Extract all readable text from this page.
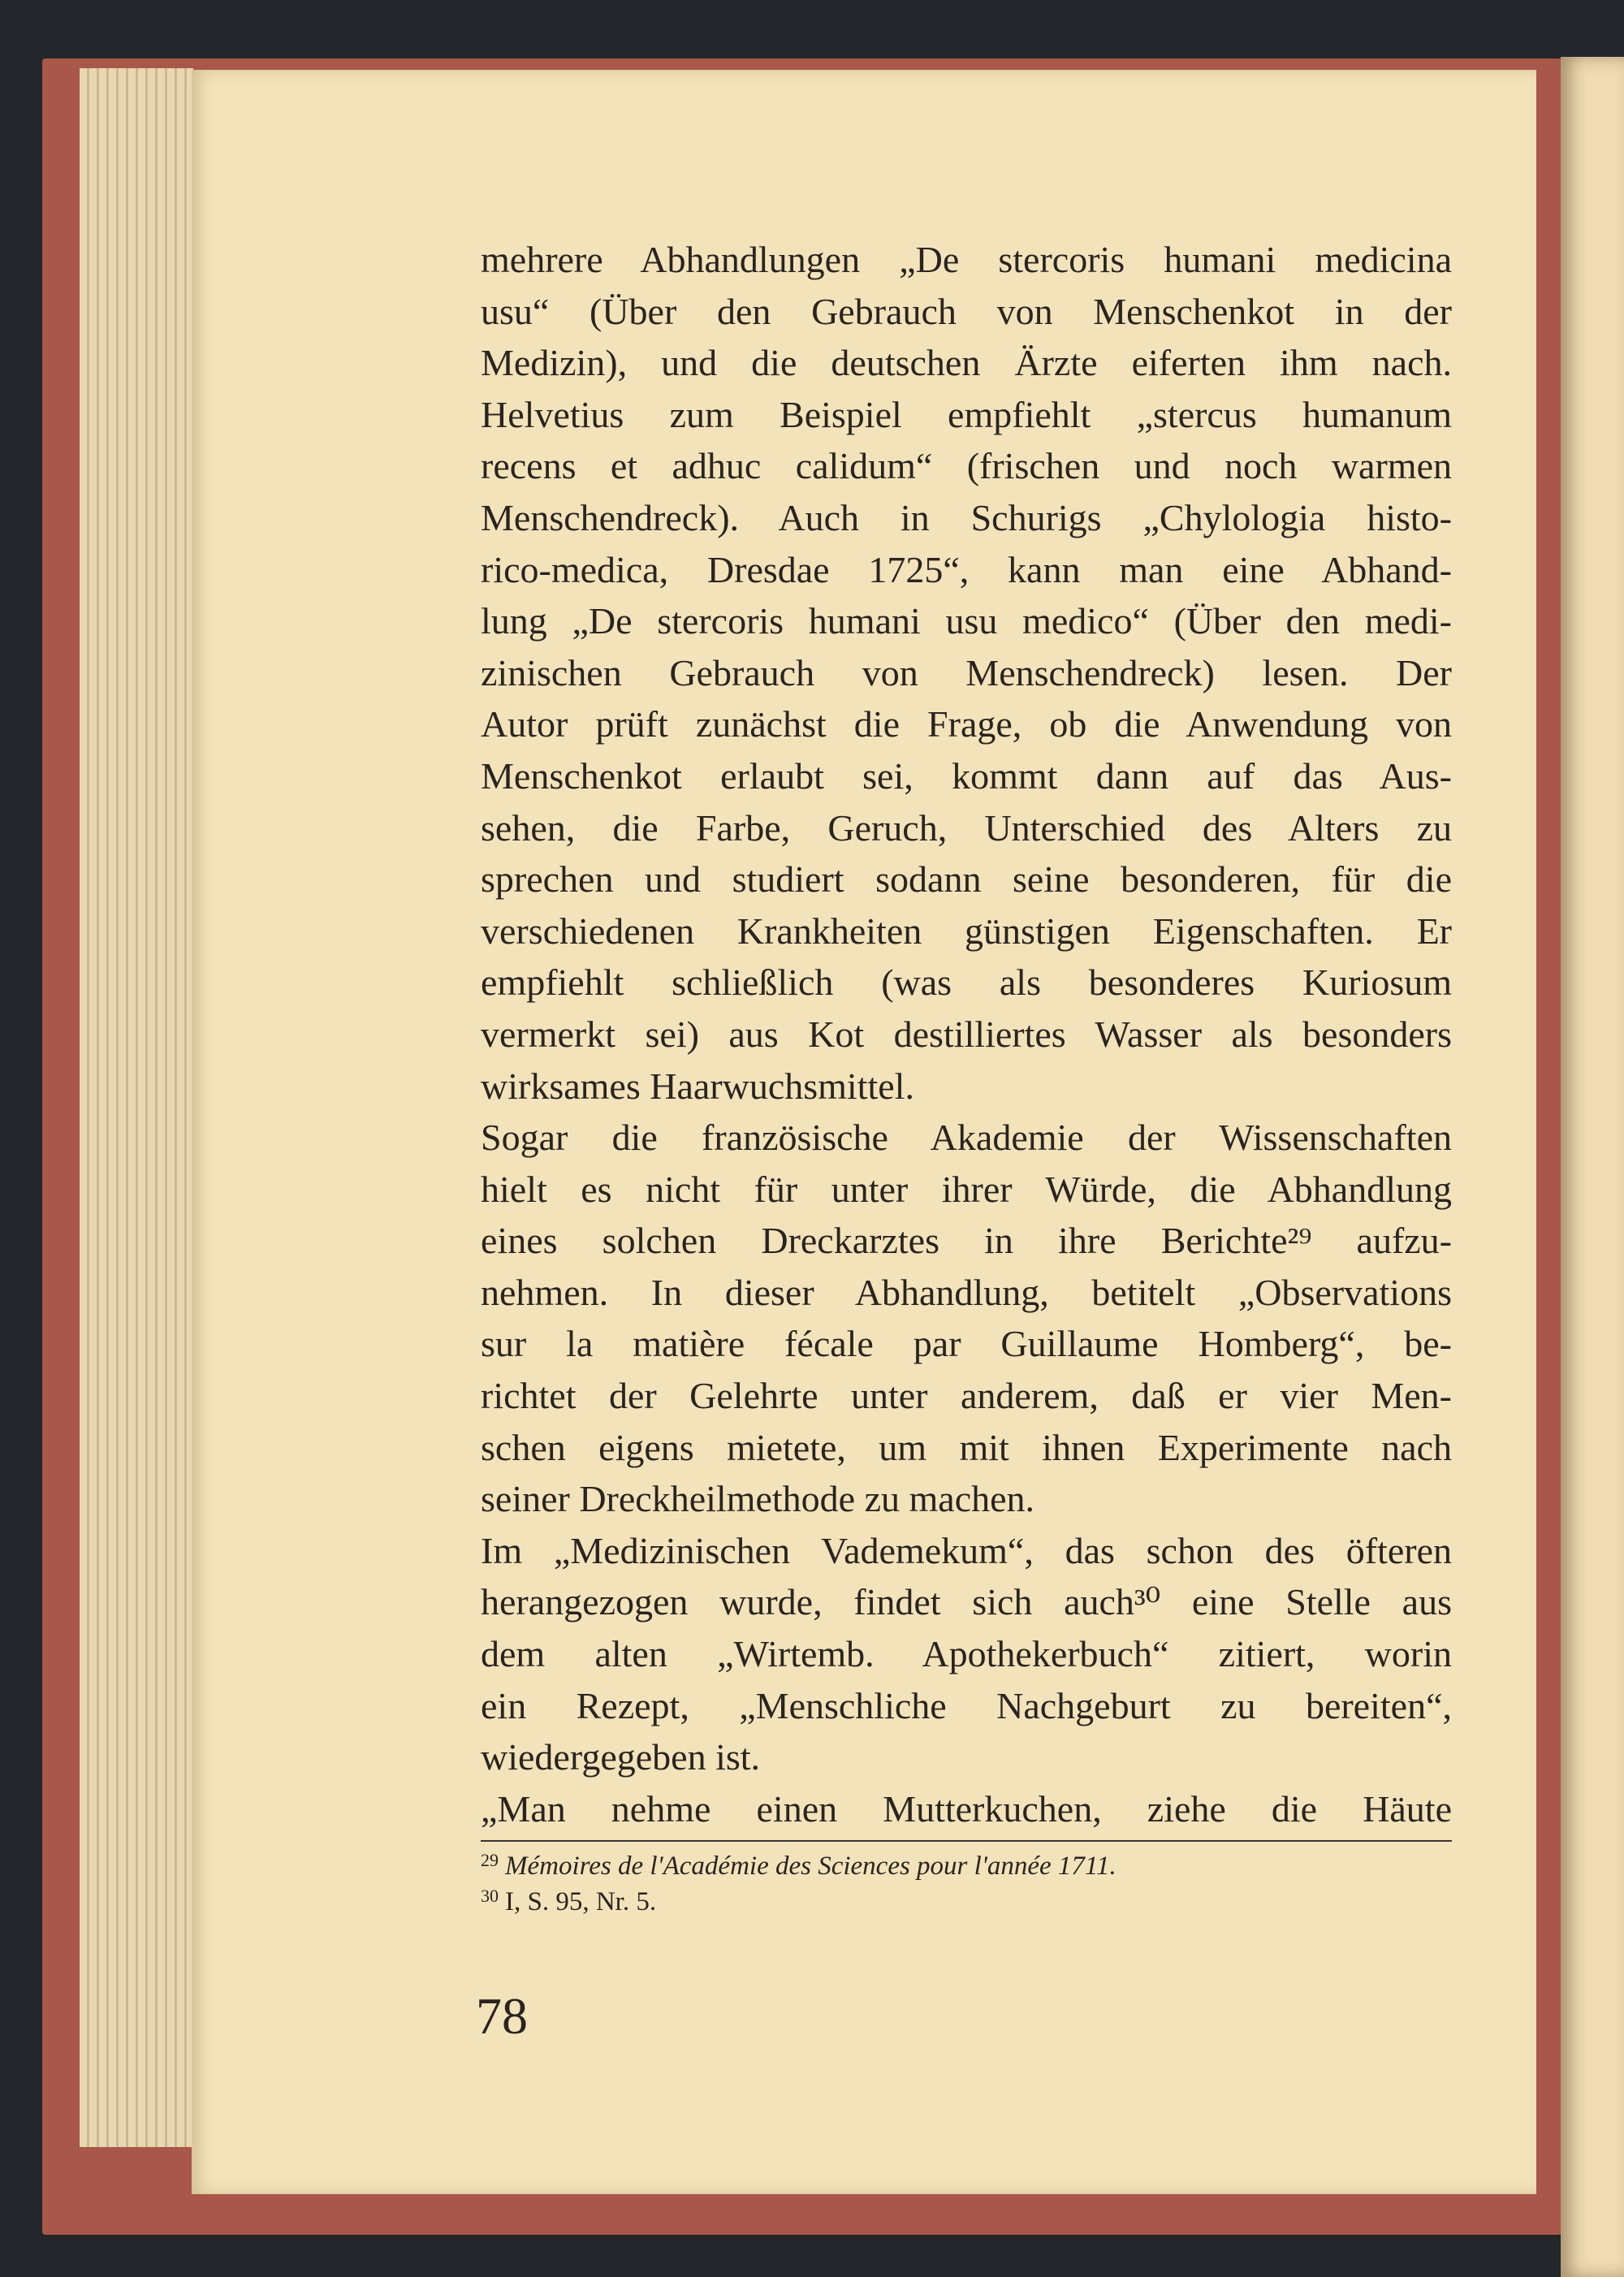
mehrere Abhandlungen „De stercoris humani medicina
usu“ (Über den Gebrauch von Menschenkot in der
Medizin), und die deutschen Ärzte eiferten ihm nach.
Helvetius zum Beispiel empfiehlt „stercus humanum
recens et adhuc calidum“ (frischen und noch warmen
Menschendreck). Auch in Schurigs „Chylologia histo-
rico-medica, Dresdae 1725“, kann man eine Abhand-
lung „De stercoris humani usu medico“ (Über den medi-
zinischen Gebrauch von Menschendreck) lesen. Der
Autor prüft zunächst die Frage, ob die Anwendung von
Menschenkot erlaubt sei, kommt dann auf das Aus-
sehen, die Farbe, Geruch, Unterschied des Alters zu
sprechen und studiert sodann seine besonderen, für die
verschiedenen Krankheiten günstigen Eigenschaften. Er
empfiehlt schließlich (was als besonderes Kuriosum
vermerkt sei) aus Kot destilliertes Wasser als besonders
wirksames Haarwuchsmittel.
Sogar die französische Akademie der Wissenschaften
hielt es nicht für unter ihrer Würde, die Abhandlung
eines solchen Dreckarztes in ihre Berichte²⁹ aufzu-
nehmen. In dieser Abhandlung, betitelt „Observations
sur la matière fécale par Guillaume Homberg“, be-
richtet der Gelehrte unter anderem, daß er vier Men-
schen eigens mietete, um mit ihnen Experimente nach
seiner Dreckheilmethode zu machen.
Im „Medizinischen Vademekum“, das schon des öfteren
herangezogen wurde, findet sich auch³⁰ eine Stelle aus
dem alten „Wirtemb. Apothekerbuch“ zitiert, worin
ein Rezept, „Menschliche Nachgeburt zu bereiten“,
wiedergegeben ist.
„Man nehme einen Mutterkuchen, ziehe die Häute
$^{29}$ Mémoires de l'Académie des Sciences pour l'année 1711.
$^{30}$ I, S. 95, Nr. 5.
78
